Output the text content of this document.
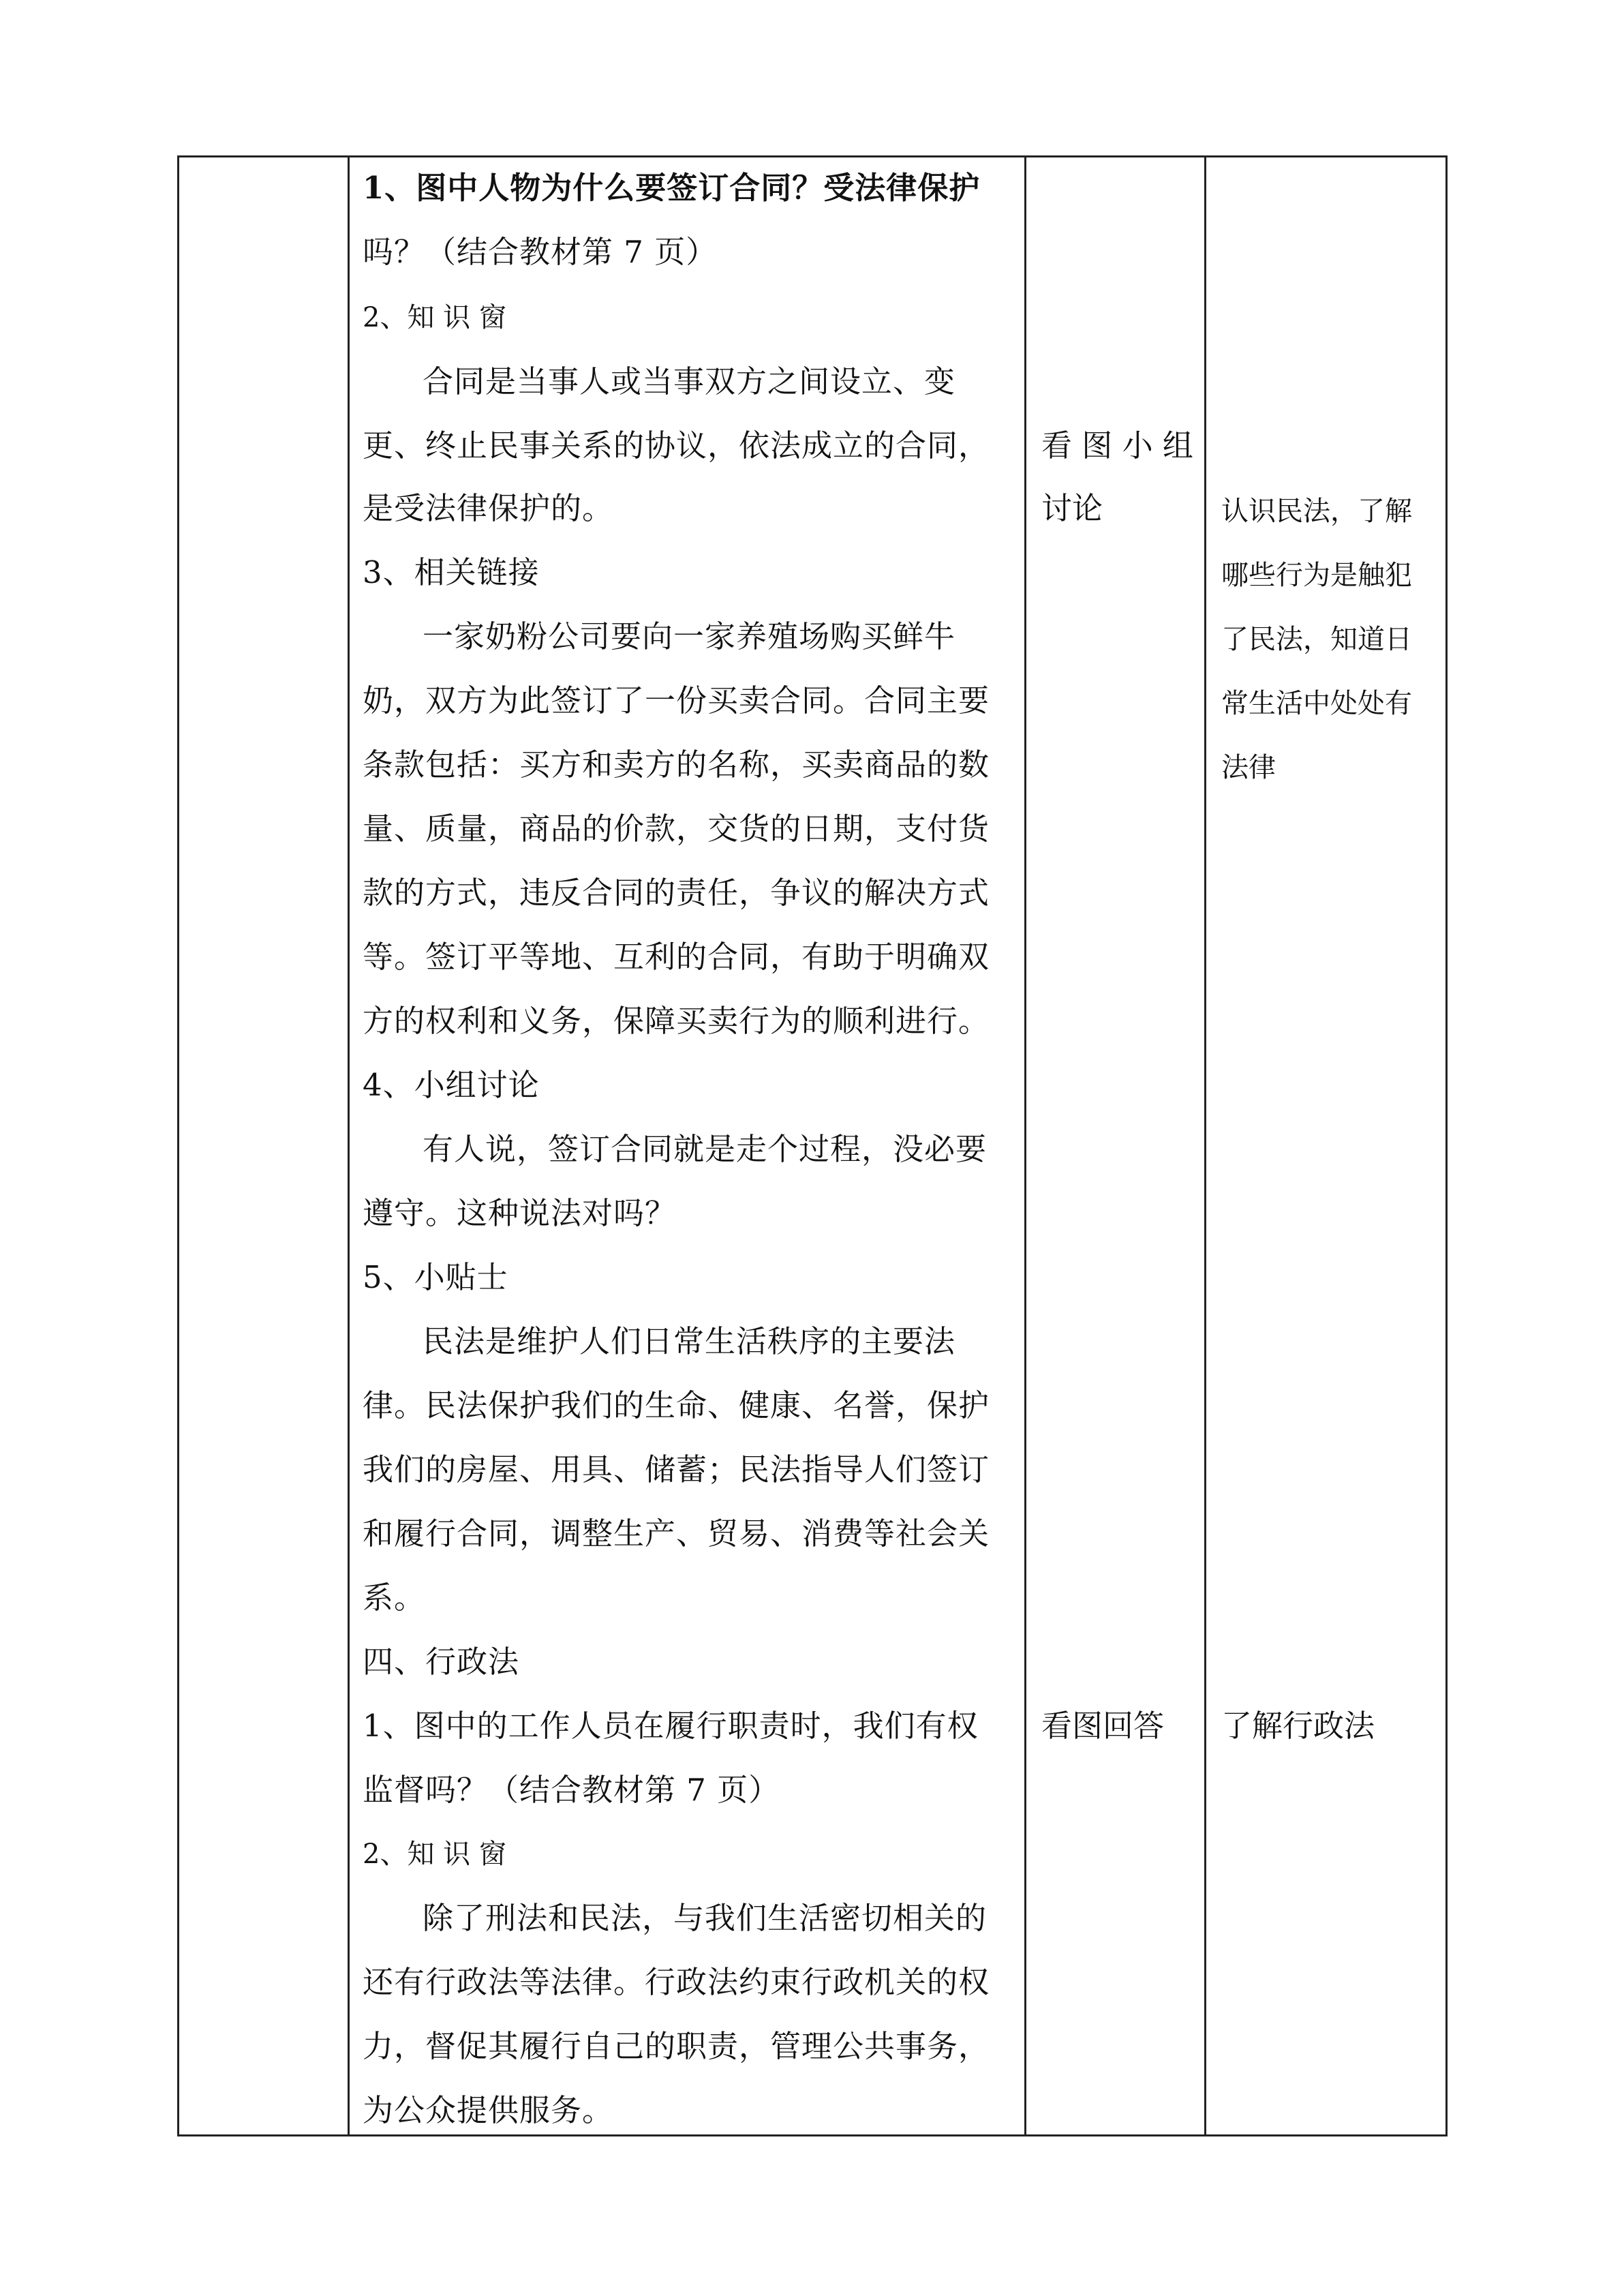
1、图中人物为什么要签订合同？受法律保护
吗？（结合教材第 7 页）
2、知 识 窗
合同是当事人或当事双方之间设立、变
更、终止民事关系的协议，依法成立的合同，
是受法律保护的。
3、相关链接
一家奶粉公司要向一家养殖场购买鲜牛
奶，双方为此签订了一份买卖合同。合同主要
条款包括：买方和卖方的名称，买卖商品的数
量、质量，商品的价款，交货的日期，支付货
款的方式，违反合同的责任，争议的解决方式
等。签订平等地、互利的合同，有助于明确双
方的权利和义务，保障买卖行为的顺利进行。
4、小组讨论
有人说，签订合同就是走个过程，没必要
遵守。这种说法对吗？
5、小贴士
民法是维护人们日常生活秩序的主要法
律。民法保护我们的生命、健康、名誉，保护
我们的房屋、用具、储蓄；民法指导人们签订
和履行合同，调整生产、贸易、消费等社会关
系。
四、行政法
1、图中的工作人员在履行职责时，我们有权
监督吗？（结合教材第 7 页）
2、知 识 窗
除了刑法和民法，与我们生活密切相关的
还有行政法等法律。行政法约束行政机关的权
力，督促其履行自己的职责，管理公共事务，
为公众提供服务。
看 图 小 组
讨论
看图回答
认识民法，了解
哪些行为是触犯
了民法，知道日
常生活中处处有
法律
了解行政法
